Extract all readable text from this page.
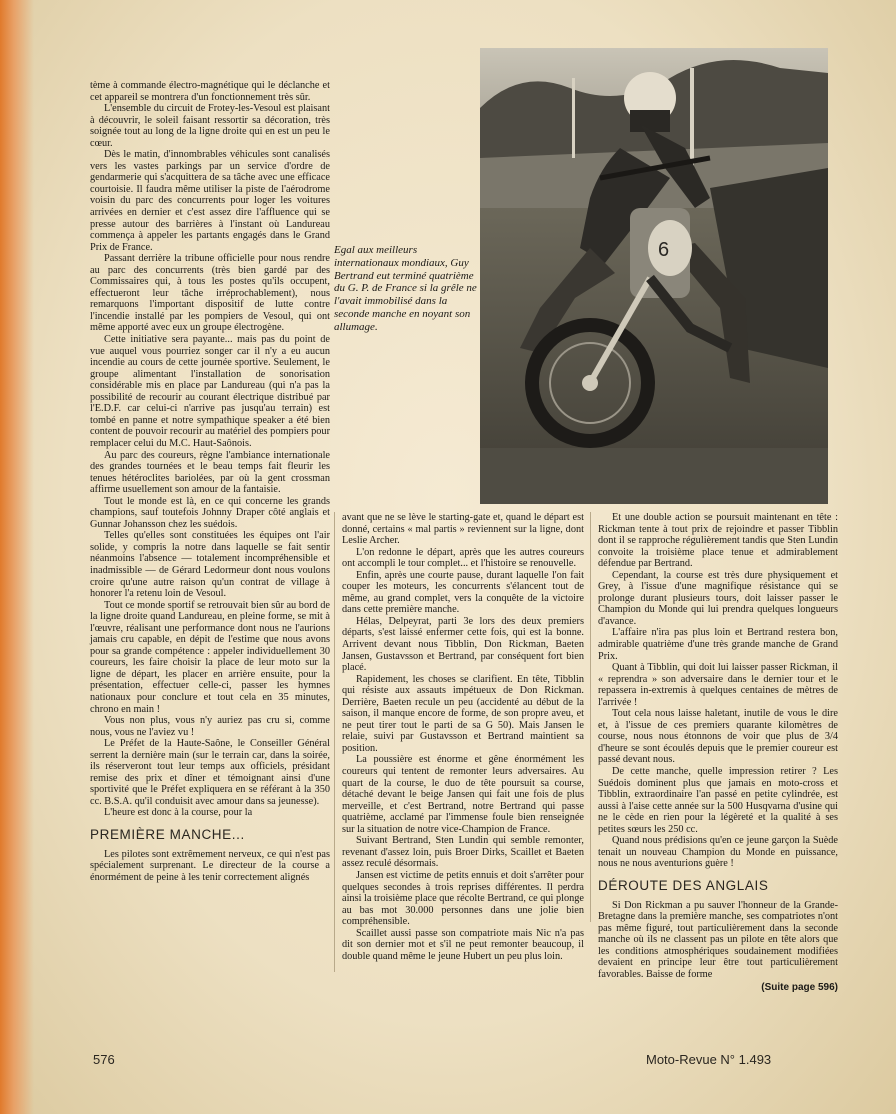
6
Egal aux meilleurs internationaux mondiaux, Guy Bertrand eut terminé quatrième du G. P. de France si la grêle ne l'avait immobilisé dans la seconde manche en noyant son allumage.

tème à commande électro-magnétique qui le déclanche et cet appareil se montrera d'un fonctionnement très sûr.

L'ensemble du circuit de Frotey-les-Vesoul est plaisant à découvrir, le soleil faisant ressortir sa décoration, très soignée tout au long de la ligne droite qui en est un peu le cœur.

Dès le matin, d'innombrables véhicules sont canalisés vers les vastes parkings par un service d'ordre de gendarmerie qui s'acquittera de sa tâche avec une efficace courtoisie. Il faudra même utiliser la piste de l'aérodrome voisin du parc des concurrents pour loger les voitures arrivées en dernier et c'est assez dire l'affluence qui se presse autour des barrières à l'instant où Landureau commença à appeler les partants engagés dans le Grand Prix de France.

Passant derrière la tribune officielle pour nous rendre au parc des concurrents (très bien gardé par des Commissaires qui, à tous les postes qu'ils occupent, effectueront leur tâche irréprochablement), nous remarquons l'important dispositif de lutte contre l'incendie installé par les pompiers de Vesoul, qui ont même apporté avec eux un groupe électrogène.

Cette initiative sera payante... mais pas du point de vue auquel vous pourriez songer car il n'y a eu aucun incendie au cours de cette journée sportive. Seulement, le groupe alimentant l'installation de sonorisation considérable mis en place par Landureau (qui n'a pas la possibilité de recourir au courant électrique distribué par l'E.D.F. car celui-ci n'arrive pas jusqu'au terrain) est tombé en panne et notre sympathique speaker a été bien content de pouvoir recourir au matériel des pompiers pour remplacer celui du M.C. Haut-Saônois.

Au parc des coureurs, règne l'ambiance internationale des grandes tournées et le beau temps fait fleurir les tenues hétéroclites bariolées, par où la gent crossman affirme usuellement son amour de la fantaisie.

Tout le monde est là, en ce qui concerne les grands champions, sauf toutefois Johnny Draper côté anglais et Gunnar Johansson chez les suédois.

Telles qu'elles sont constituées les équipes ont l'air solide, y compris la notre dans laquelle se fait sentir néanmoins l'absence — totalement incompréhensible et inadmissible — de Gérard Ledormeur dont nous voulons croire qu'une autre raison qu'un contrat de village à honorer l'a retenu loin de Vesoul.

Tout ce monde sportif se retrouvait bien sûr au bord de la ligne droite quand Landureau, en pleine forme, se mit à l'œuvre, réalisant une performance dont nous ne l'aurions jamais cru capable, en dépit de l'estime que nous avons pour sa grande compétence : appeler individuellement 30 coureurs, les faire choisir la place de leur moto sur la ligne de départ, les placer en arrière ensuite, pour la présentation, effectuer celle-ci, passer les hymnes nationaux pour conclure et tout cela en 35 minutes, chrono en main !

Vous non plus, vous n'y auriez pas cru si, comme nous, vous ne l'aviez vu !

Le Préfet de la Haute-Saône, le Conseiller Général serrent la dernière main (sur le terrain car, dans la soirée, ils réserveront tout leur temps aux officiels, présidant remise des prix et dîner et témoignant ainsi d'une sportivité que le Préfet expliquera en se référant à la 350 cc. B.S.A. qu'il conduisit avec amour dans sa jeunesse).

L'heure est donc à la course, pour la

PREMIÈRE MANCHE...

Les pilotes sont extrêmement nerveux, ce qui n'est pas spécialement surprenant. Le directeur de la course a énormément de peine à les tenir correctement alignés

avant que ne se lève le starting-gate et, quand le départ est donné, certains « mal partis » reviennent sur la ligne, dont Leslie Archer.

L'on redonne le départ, après que les autres coureurs ont accompli le tour complet... et l'histoire se renouvelle.

Enfin, après une courte pause, durant laquelle l'on fait couper les moteurs, les concurrents s'élancent tout de même, au grand complet, vers la conquête de la victoire dans cette première manche.

Hélas, Delpeyrat, parti 3e lors des deux premiers départs, s'est laissé enfermer cette fois, qui est la bonne. Arrivent devant nous Tibblin, Don Rickman, Baeten Jansen, Gustavsson et Bertrand, par conséquent fort bien placé.

Rapidement, les choses se clarifient. En tête, Tibblin qui résiste aux assauts impétueux de Don Rickman. Derrière, Baeten recule un peu (accidenté au début de la saison, il manque encore de forme, de son propre aveu, et ne peut tirer tout le parti de sa G 50). Mais Jansen le relaie, suivi par Gustavsson et Bertrand maintient sa position.

La poussière est énorme et gêne énormément les coureurs qui tentent de remonter leurs adversaires. Au quart de la course, le duo de tête poursuit sa course, détaché devant le beige Jansen qui fait une fois de plus merveille, et c'est Bertrand, notre Bertrand qui passe quatrième, acclamé par l'immense foule bien renseignée sur la situation de notre vice-Champion de France.

Suivant Bertrand, Sten Lundin qui semble remonter, revenant d'assez loin, puis Broer Dirks, Scaillet et Baeten assez reculé désormais.

Jansen est victime de petits ennuis et doit s'arrêter pour quelques secondes à trois reprises différentes. Il perdra ainsi la troisième place que récolte Bertrand, ce qui plonge au bas mot 30.000 personnes dans une jolie bien compréhensible.

Scaillet aussi passe son compatriote mais Nic n'a pas dit son dernier mot et s'il ne peut remonter beaucoup, il double quand même le jeune Hubert un peu plus loin.

Et une double action se poursuit maintenant en tête : Rickman tente à tout prix de rejoindre et passer Tibblin dont il se rapproche régulièrement tandis que Sten Lundin convoite la troisième place tenue et admirablement défendue par Bertrand.

Cependant, la course est très dure physiquement et Grey, à l'issue d'une magnifique résistance qui se prolonge durant plusieurs tours, doit laisser passer le Champion du Monde qui lui prendra quelques longueurs d'avance.

L'affaire n'ira pas plus loin et Bertrand restera bon, admirable quatrième d'une très grande manche de Grand Prix.

Quant à Tibblin, qui doit lui laisser passer Rickman, il « reprendra » son adversaire dans le dernier tour et le repassera in-extremis à quelques centaines de mètres de l'arrivée !

Tout cela nous laisse haletant, inutile de vous le dire et, à l'issue de ces premiers quarante kilomètres de course, nous nous étonnons de voir que plus de 3/4 d'heure se sont écoulés depuis que le premier coureur est passé devant nous.

De cette manche, quelle impression retirer ? Les Suédois dominent plus que jamais en moto-cross et Tibblin, extraordinaire l'an passé en petite cylindrée, est aussi à l'aise cette année sur la 500 Husqvarna d'usine qui ne le cède en rien pour la légèreté et la qualité à ses petites sœurs les 250 cc.

Quand nous prédisions qu'en ce jeune garçon la Suède tenait un nouveau Champion du Monde en puissance, nous ne nous aventurions guère !

DÉROUTE DES ANGLAIS

Si Don Rickman a pu sauver l'honneur de la Grande-Bretagne dans la première manche, ses compatriotes n'ont pas même figuré, tout particulièrement dans la seconde manche où ils ne classent pas un pilote en tête alors que les conditions atmosphériques soudainement modifiées devaient en principe leur être tout particulièrement favorables. Baisse de forme

(Suite page 596)
576	Moto-Revue N° 1.493
